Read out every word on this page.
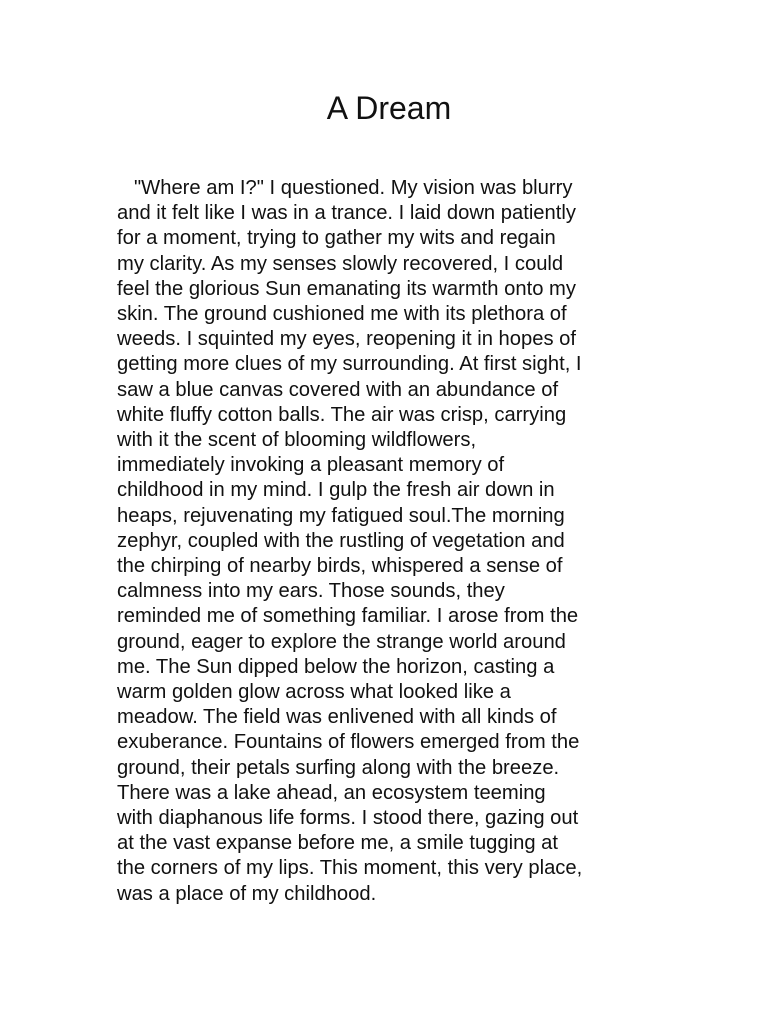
A Dream
"Where am I?" I questioned. My vision was blurry
and it felt like I was in a trance. I laid down patiently
for a moment, trying to gather my wits and regain
my clarity. As my senses slowly recovered, I could
feel the glorious Sun emanating its warmth onto my
skin. The ground cushioned me with its plethora of
weeds. I squinted my eyes, reopening it in hopes of
getting more clues of my surrounding. At first sight, I
saw a blue canvas covered with an abundance of
white fluffy cotton balls. The air was crisp, carrying
with it the scent of blooming wildflowers,
immediately invoking a pleasant memory of
childhood in my mind. I gulp the fresh air down in
heaps, rejuvenating my fatigued soul.The morning
zephyr, coupled with the rustling of vegetation and
the chirping of nearby birds, whispered a sense of
calmness into my ears. Those sounds, they
reminded me of something familiar. I arose from the
ground, eager to explore the strange world around
me. The Sun dipped below the horizon, casting a
warm golden glow across what looked like a
meadow. The field was enlivened with all kinds of
exuberance. Fountains of flowers emerged from the
ground, their petals surfing along with the breeze.
There was a lake ahead, an ecosystem teeming
with diaphanous life forms. I stood there, gazing out
at the vast expanse before me, a smile tugging at
the corners of my lips. This moment, this very place,
was a place of my childhood.
